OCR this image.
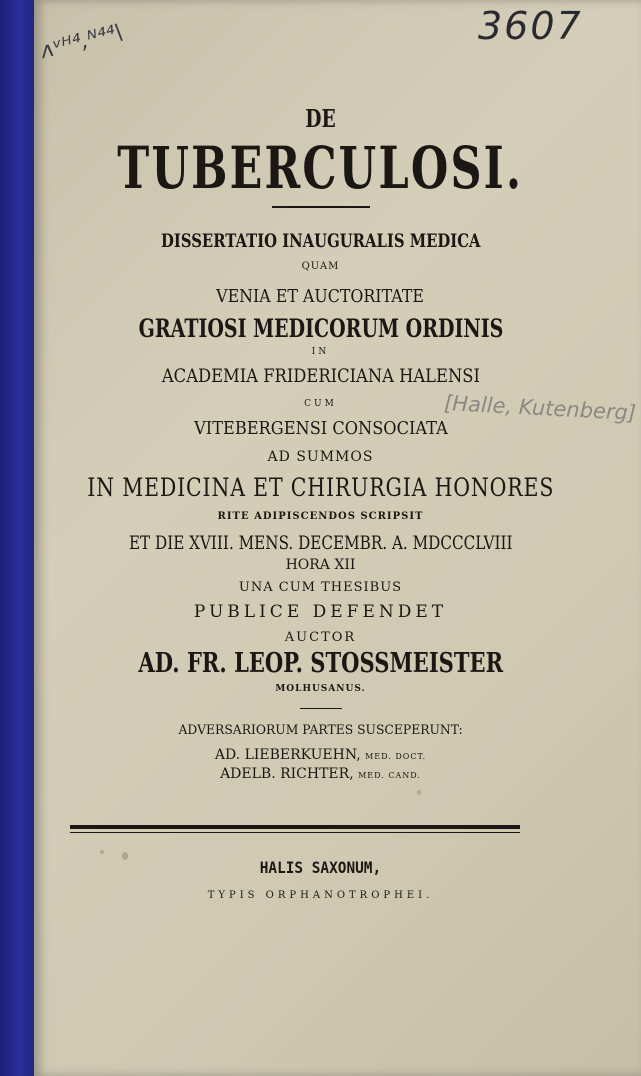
3607
ʌᵛᴴ⁴,ᴺ⁴⁴\
[Halle, Kutenberg]
DE
TUBERCULOSI.
DISSERTATIO INAUGURALIS MEDICA
QUAM
VENIA ET AUCTORITATE
GRATIOSI MEDICORUM ORDINIS
IN
ACADEMIA FRIDERICIANA HALENSI
CUM
VITEBERGENSI CONSOCIATA
AD SUMMOS
IN MEDICINA ET CHIRURGIA HONORES
RITE ADIPISCENDOS SCRIPSIT
ET DIE XVIII. MENS. DECEMBR. A. MDCCCLVIII
HORA XII
UNA CUM THESIBUS
PUBLICE DEFENDET
AUCTOR
AD. FR. LEOP. STOSSMEISTER
MOLHUSANUS.
ADVERSARIORUM PARTES SUSCEPERUNT:
AD. LIEBERKUEHN, MED. DOCT.
ADELB. RICHTER, MED. CAND.
HALIS SAXONUM,
TYPIS ORPHANOTROPHEI.
